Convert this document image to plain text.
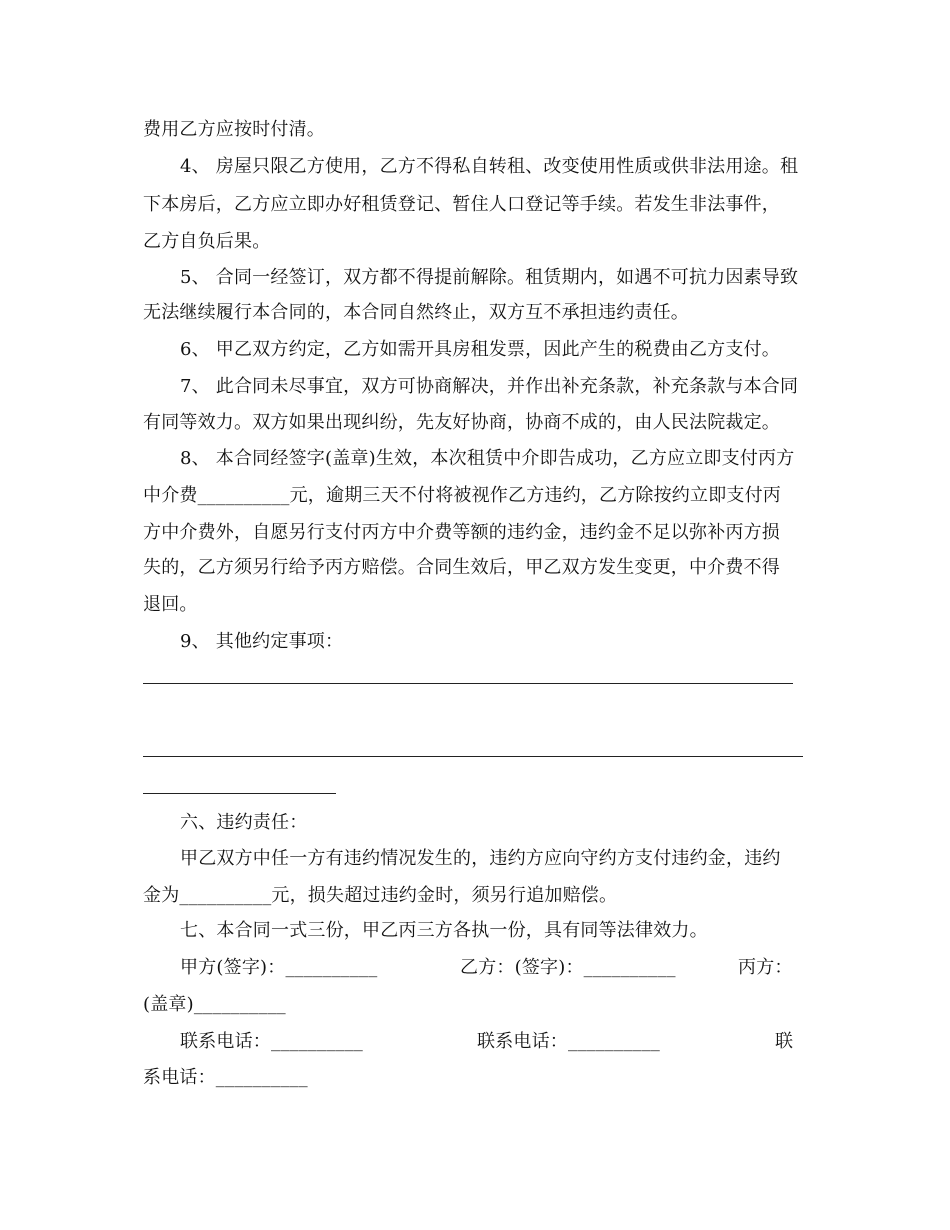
费用乙方应按时付清。
4、 房屋只限乙方使用，乙方不得私自转租、改变使用性质或供非法用途。租
下本房后，乙方应立即办好租赁登记、暂住人口登记等手续。若发生非法事件，
乙方自负后果。
5、 合同一经签订，双方都不得提前解除。租赁期内，如遇不可抗力因素导致
无法继续履行本合同的，本合同自然终止，双方互不承担违约责任。
6、 甲乙双方约定，乙方如需开具房租发票，因此产生的税费由乙方支付。
7、 此合同未尽事宜，双方可协商解决，并作出补充条款，补充条款与本合同
有同等效力。双方如果出现纠纷，先友好协商，协商不成的，由人民法院裁定。
8、 本合同经签字(盖章)生效，本次租赁中介即告成功，乙方应立即支付丙方
中介费__________元，逾期三天不付将被视作乙方违约，乙方除按约立即支付丙
方中介费外，自愿另行支付丙方中介费等额的违约金，违约金不足以弥补丙方损
失的，乙方须另行给予丙方赔偿。合同生效后，甲乙双方发生变更，中介费不得
退回。
9、 其他约定事项：
六、违约责任：
甲乙双方中任一方有违约情况发生的，违约方应向守约方支付违约金，违约
金为__________元，损失超过违约金时，须另行追加赔偿。
七、本合同一式三份，甲乙丙三方各执一份，具有同等法律效力。
甲方(签字)：__________	乙方：(签字)：__________	丙方：
(盖章)__________
联系电话：__________	联系电话：__________	联
系电话：__________
